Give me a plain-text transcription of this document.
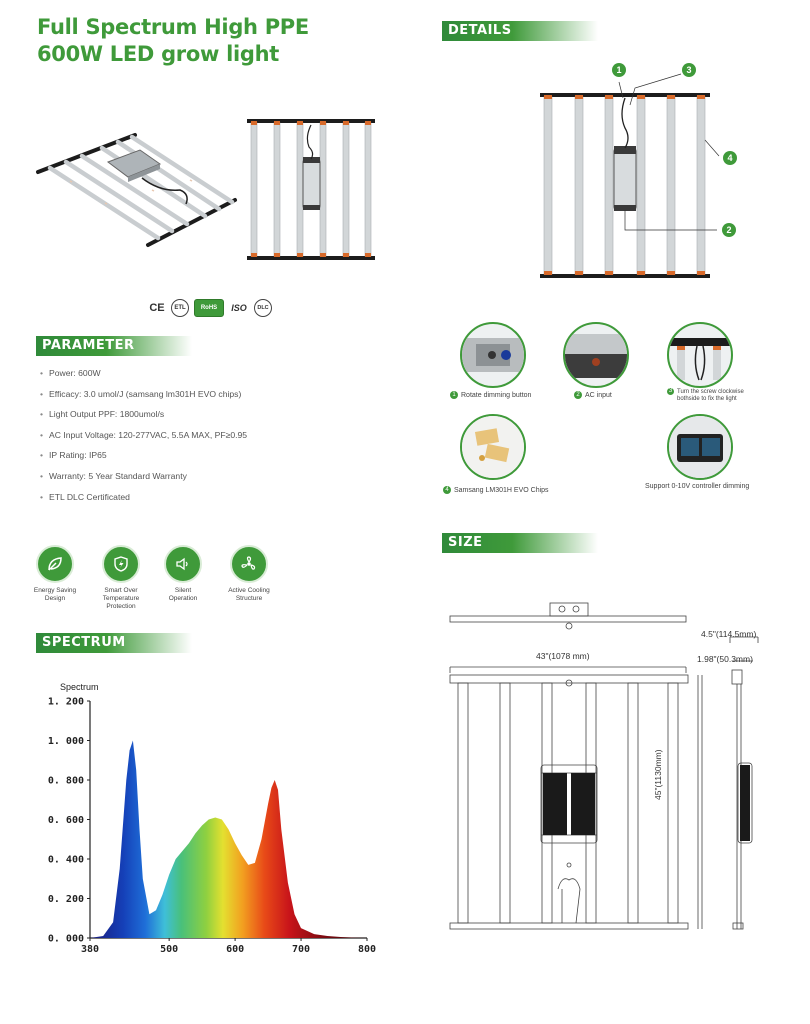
Full Spectrum High PPE
600W LED grow light
CE	ETL	RoHS	ISO	DLC
PARAMETER
• Power: 600W
• Efficacy: 3.0 umol/J (samsang lm301H EVO chips)
• Light Output PPF: 1800umol/s
• AC Input Voltage: 120-277VAC, 5.5A MAX, PF≥0.95
• IP Rating: IP65
• Warranty: 5 Year Standard Warranty
• ETL DLC Certificated
Energy Saving
Design
Smart Over
Temperature Protection
Silent
Operation
Active Cooling
Structure
SPECTRUM
Spectrum
0. 000
0. 200
0. 400
0. 600
0. 800
1. 000
1. 200
380	500	600	700	800
DETAILS
1	3
4
2
1 Rotate dimming button	2 AC input
3 Turn the screw clockwise
bothside to fix the light
4 Samsang LM301H EVO Chips
Support 0-10V controller dimming
SIZE
43"(1078 mm)
4.5"(114.5mm)
1.98"(50.3mm)
45"(1130mm)
